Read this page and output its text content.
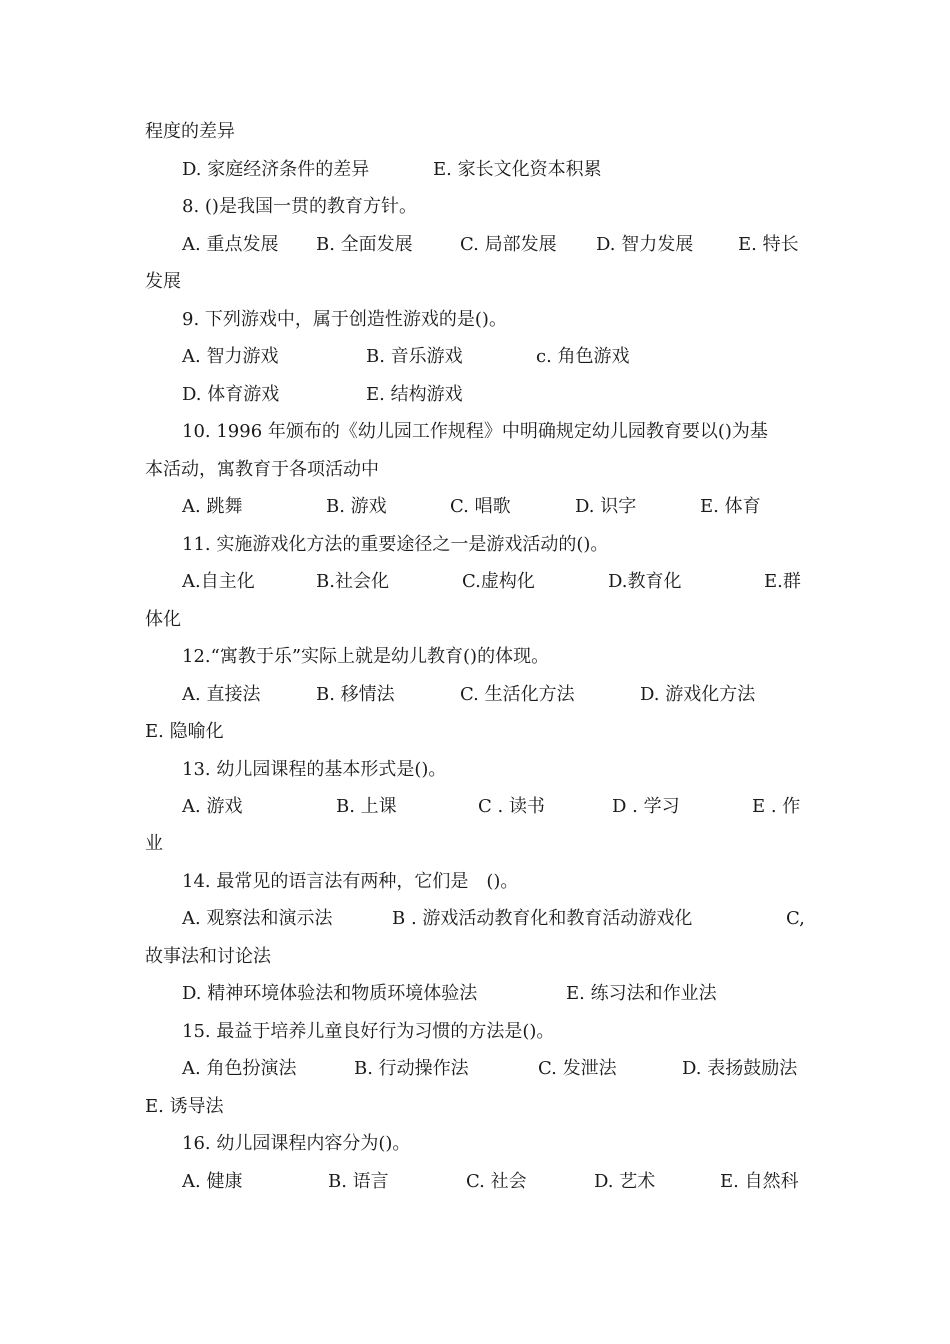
程度的差异
D. 家庭经济条件的差异	E. 家长文化资本积累
8. ()是我国一贯的教育方针。
A. 重点发展 B. 全面发展	C. 局部发展 D. 智力发展 E. 特长
发展
9. 下列游戏中，属于创造性游戏的是()。
A. 智力游戏	B. 音乐游戏	c. 角色游戏
D. 体育游戏	E. 结构游戏
10. 1996 年颁布的《幼儿园工作规程》中明确规定幼儿园教育要以()为基
本活动，寓教育于各项活动中
A. 跳舞	B. 游戏	C. 唱歌	D. 识字	E. 体育
11. 实施游戏化方法的重要途径之一是游戏活动的()。
A.自主化	B.社会化	C.虚构化	D.教育化	E.群
体化
12.“寓教于乐”实际上就是幼儿教育()的体现。
A. 直接法	B. 移情法	C. 生活化方法	D. 游戏化方法
E. 隐喻化
13. 幼儿园课程的基本形式是()。
A. 游戏	B. 上课	C . 读书	D . 学习	E . 作
业
14. 最常见的语言法有两种，它们是　()。
A. 观察法和演示法	B . 游戏活动教育化和教育活动游戏化	C,
故事法和讨论法
D. 精神环境体验法和物质环境体验法	E. 练习法和作业法
15. 最益于培养儿童良好行为习惯的方法是()。
A. 角色扮演法	B. 行动操作法	C. 发泄法	D. 表扬鼓励法
E. 诱导法
16. 幼儿园课程内容分为()。
A. 健康	B. 语言	C. 社会	D. 艺术	E. 自然科
